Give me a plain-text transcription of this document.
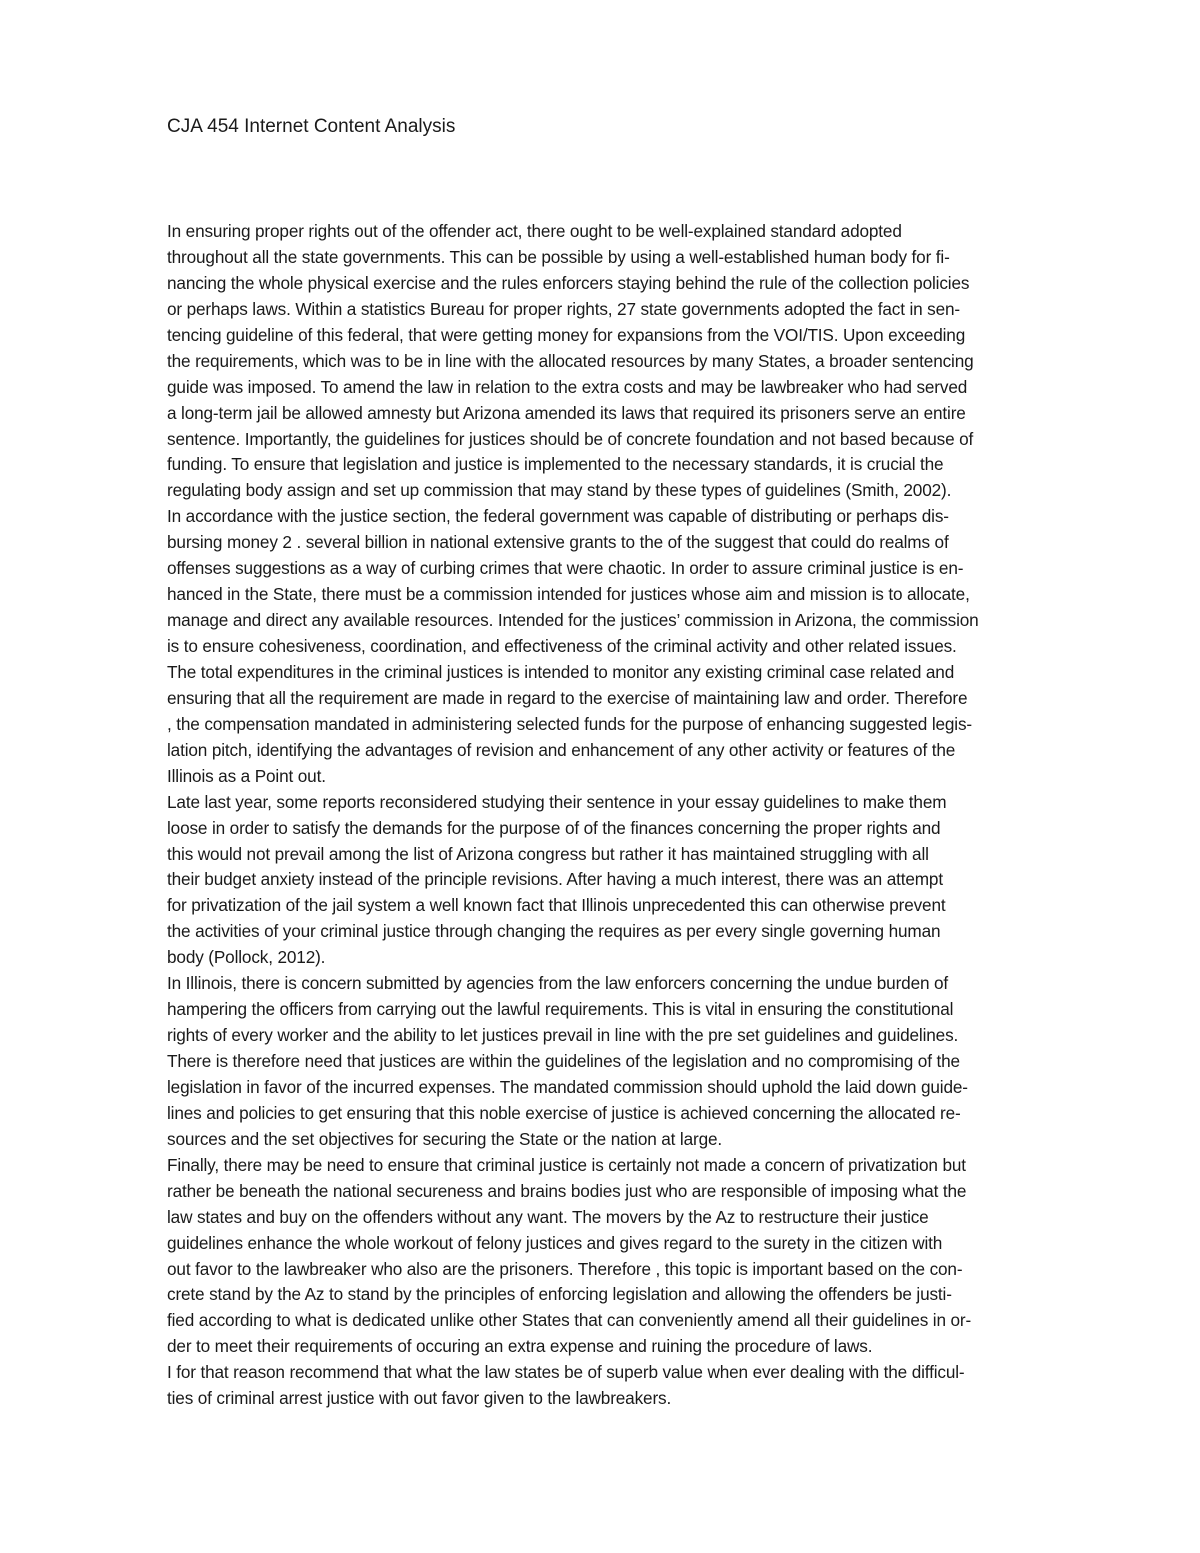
CJA 454 Internet Content Analysis
In ensuring proper rights out of the offender act, there ought to be well-explained standard adopted
throughout all the state governments. This can be possible by using a well-established human body for fi-
nancing the whole physical exercise and the rules enforcers staying behind the rule of the collection policies
or perhaps laws. Within a statistics Bureau for proper rights, 27 state governments adopted the fact in sen-
tencing guideline of this federal, that were getting money for expansions from the VOI/TIS. Upon exceeding
the requirements, which was to be in line with the allocated resources by many States, a broader sentencing
guide was imposed. To amend the law in relation to the extra costs and may be lawbreaker who had served
a long-term jail be allowed amnesty but Arizona amended its laws that required its prisoners serve an entire
sentence. Importantly, the guidelines for justices should be of concrete foundation and not based because of
funding. To ensure that legislation and justice is implemented to the necessary standards, it is crucial the
regulating body assign and set up commission that may stand by these types of guidelines (Smith, 2002).
In accordance with the justice section, the federal government was capable of distributing or perhaps dis-
bursing money 2 . several billion in national extensive grants to the of the suggest that could do realms of
offenses suggestions as a way of curbing crimes that were chaotic. In order to assure criminal justice is en-
hanced in the State, there must be a commission intended for justices whose aim and mission is to allocate,
manage and direct any available resources. Intended for the justices’ commission in Arizona, the commission
is to ensure cohesiveness, coordination, and effectiveness of the criminal activity and other related issues.
The total expenditures in the criminal justices is intended to monitor any existing criminal case related and
ensuring that all the requirement are made in regard to the exercise of maintaining law and order. Therefore
, the compensation mandated in administering selected funds for the purpose of enhancing suggested legis-
lation pitch, identifying the advantages of revision and enhancement of any other activity or features of the
Illinois as a Point out.
Late last year, some reports reconsidered studying their sentence in your essay guidelines to make them
loose in order to satisfy the demands for the purpose of of the finances concerning the proper rights and
this would not prevail among the list of Arizona congress but rather it has maintained struggling with all
their budget anxiety instead of the principle revisions. After having a much interest, there was an attempt
for privatization of the jail system a well known fact that Illinois unprecedented this can otherwise prevent
the activities of your criminal justice through changing the requires as per every single governing human
body (Pollock, 2012).
In Illinois, there is concern submitted by agencies from the law enforcers concerning the undue burden of
hampering the officers from carrying out the lawful requirements. This is vital in ensuring the constitutional
rights of every worker and the ability to let justices prevail in line with the pre set guidelines and guidelines.
There is therefore need that justices are within the guidelines of the legislation and no compromising of the
legislation in favor of the incurred expenses. The mandated commission should uphold the laid down guide-
lines and policies to get ensuring that this noble exercise of justice is achieved concerning the allocated re-
sources and the set objectives for securing the State or the nation at large.
Finally, there may be need to ensure that criminal justice is certainly not made a concern of privatization but
rather be beneath the national secureness and brains bodies just who are responsible of imposing what the
law states and buy on the offenders without any want. The movers by the Az to restructure their justice
guidelines enhance the whole workout of felony justices and gives regard to the surety in the citizen with
out favor to the lawbreaker who also are the prisoners. Therefore , this topic is important based on the con-
crete stand by the Az to stand by the principles of enforcing legislation and allowing the offenders be justi-
fied according to what is dedicated unlike other States that can conveniently amend all their guidelines in or-
der to meet their requirements of occuring an extra expense and ruining the procedure of laws.
I for that reason recommend that what the law states be of superb value when ever dealing with the difficul-
ties of criminal arrest justice with out favor given to the lawbreakers.
